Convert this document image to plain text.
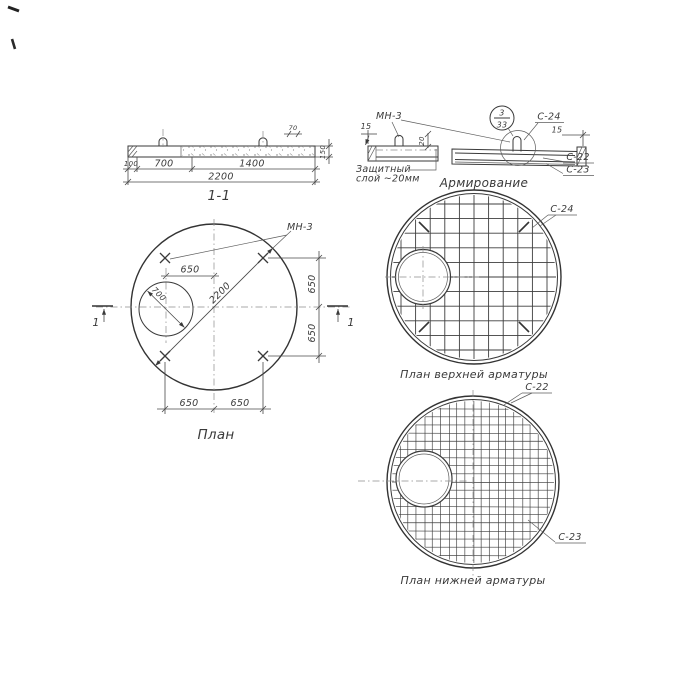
70
150
100 700	1400
2200
1-1
3
33
МН-3
15
20
С-24
15
С-22
С-23
Защитный
слой ~20мм Армирование
2200
МН-3
700
650
650
650
650	650
1	1
План
С-24
План верхней арматуры
С-22
С-23
План нижней арматуры
